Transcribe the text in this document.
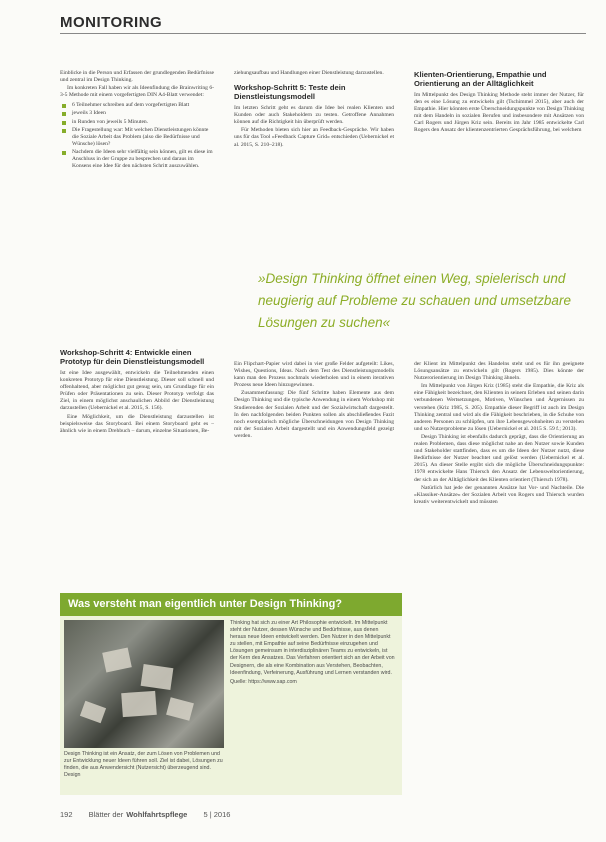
MONITORING

Einblicke in die Person und Erfassen der grundlegenden Bedürfnisse und zentral im Design Thinking.

Im konkreten Fall haben wir als Ideenfindung die Brainwriting 6-3-5 Methode mit einem vorgefertigten DIN A4-Blatt verwendet:

6 Teilnehmer schreiben auf dem vorgefertigten Blatt
jeweils 3 Ideen
in Runden von jeweils 5 Minuten.
Die Fragestellung war: Mit welchen Dienstleistungen könnte die Soziale Arbeit das Problem (also die Bedürfnisse und Wünsche) lösen?
Nachdem die Ideen sehr vielfältig sein können, gilt es diese im Anschluss in der Gruppe zu besprechen und daraus im Konsens eine Idee für den nächsten Schritt auszuwählen.
Workshop-Schritt 4: Entwickle einen Prototyp für dein Dienstleistungsmodell

Ist eine Idee ausgewählt, entwickeln die Teilnehmenden einen konkreten Prototyp für eine Dienstleistung. Dieser soll schnell und offenhaltend, aber möglichst gut genug sein, um Grundlage für ein Prüfen oder Präsentationen zu sein. Dieser Prototyp verfolgt das Ziel, in einem möglichst anschaulichen Abbild der Dienstleistung darzustellen (Uebernickel et al. 2015, S. 156).

Eine Möglichkeit, um die Dienstleistung darzustellen ist beispielsweise das Storyboard. Bei einem Storyboard geht es – ähnlich wie in einem Drehbuch – darum, einzelne Situationen, Be-

ziehungsaufbau und Handlungen einer Dienstleistung darzustellen.

Workshop-Schritt 5: Teste dein Dienstleistungsmodell

Im letzten Schritt geht es darum die Idee bei realen Klienten und Kunden oder auch Stakeholdern zu testen. Getroffene Annahmen können auf die Richtigkeit hin überprüft werden.

Für Methoden bieten sich hier an Feedback-Gespräche. Wir haben uns für das Tool »Feedback Capture Grid« entschieden (Uebernickel et al. 2015, S. 210–218).

Ein Flipchart-Papier wird dabei in vier große Felder aufgeteilt: Likes, Wishes, Questions, Ideas. Nach dem Test des Dienstleistungsmodells kann man den Prozess nochmals wiederholen und in einem iterativen Prozess neue Ideen hinzugewinnen.

Zusammenfassung: Die fünf Schritte haben Elemente aus dem Design Thinking und die typische Anwendung in einem Workshop mit Studierenden der Sozialen Arbeit und der Sozialwirtschaft dargestellt. In den nachfolgenden beiden Punkten sollen als abschließendes Fazit noch exemplarisch mögliche Überschneidungen von Design Thinking mit der Sozialen Arbeit dargestellt und ein Anwendungsfeld gezeigt werden.

Klienten-Orientierung, Empathie und Orientierung an der Alltäglichkeit

Im Mittelpunkt des Design Thinking Methode steht immer der Nutzer, für den es eine Lösung zu entwickeln gilt (Tschimmel 2015), aber auch der Empathie. Hier könnten erste Überschneidungspunkte von Design Thinking mit dem Handeln in sozialen Berufen und insbesondere mit Ansätzen von Carl Rogers und Jürgen Kriz sein. Bereits im Jahr 1985 entwickelte Carl Rogers den Ansatz der klientenzentrierten Gesprächsführung, bei welchem

»Design Thinking öffnet einen Weg, spielerisch und neugierig auf Probleme zu schauen und umsetzbare Lösungen zu suchen«

der Klient im Mittelpunkt des Handelns steht und es für ihn geeignete Lösungsansätze zu entwickeln gilt (Rogers 1985). Dies könnte der Nutzerorientierung im Design Thinking ähneln.

Im Mittelpunkt von Jürgen Kriz (1985) steht die Empathie, die Kriz als eine Fähigkeit bezeichnet, den Klienten in seinem Erleben und seinen darin verbundenen Wertsetzungen, Motiven, Wünschen und Ärgernissen zu verstehen (Kriz 1985, S. 205). Empathie dieser Begriff ist auch im Design Thinking zentral und wird als die Fähigkeit beschrieben, in die Schuhe von anderen Personen zu schlüpfen, um ihre Lebensgewohnheiten zu verstehen und so Nutzerprobleme zu lösen (Uebernickel et al. 2015 S. 59 f.; 2013).

Design Thinking ist ebenfalls dadurch geprägt, dass die Orientierung an realen Problemen, dass diese möglichst nahe an den Nutzer sowie Kunden und Stakeholder stattfinden, dass es um die Ideen der Nutzer nutzt, diese Bedürfnisse der Nutzer beachtet und gelöst werden (Uebernickel et al. 2015). An dieser Stelle ergibt sich die mögliche Überschneidungspunkte: 1978 entwickelte Hans Thiersch den Ansatz der Lebensweltorientierung, der sich an der Alltäglichkeit des Klienten orientiert (Thiersch 1978).

Natürlich hat jede der genannten Ansätze hat Vor- und Nachteile. Die »Klassiker-Ansätze« der Sozialen Arbeit von Rogers und Thiersch wurden kreativ weiterentwickelt und müssten

Was versteht man eigentlich unter Design Thinking?
Design Thinking ist ein Ansatz, der zum Lösen von Problemen und zur Entwicklung neuer Ideen führen soll. Ziel ist dabei, Lösungen zu finden, die aus Anwendersicht (Nutzersicht) überzeugend sind. Design

Thinking hat sich zu einer Art Philosophie entwickelt. Im Mittelpunkt steht der Nutzer, dessen Wünsche und Bedürfnisse, aus denen heraus neue Ideen entwickelt werden. Den Nutzer in den Mittelpunkt zu stellen, mit Empathie auf seine Bedürfnisse einzugehen und Lösungen gemeinsam in interdisziplinären Teams zu entwickeln, ist der Kern des Ansatzes. Das Verfahren orientiert sich an der Arbeit von Designern, die als eine Kombination aus Verstehen, Beobachten, Ideenfindung, Verfeinerung, Ausführung und Lernen verstanden wird.

Quelle: https://www.sap.com

192 Blätter der Wohlfahrtspflege 5 | 2016
